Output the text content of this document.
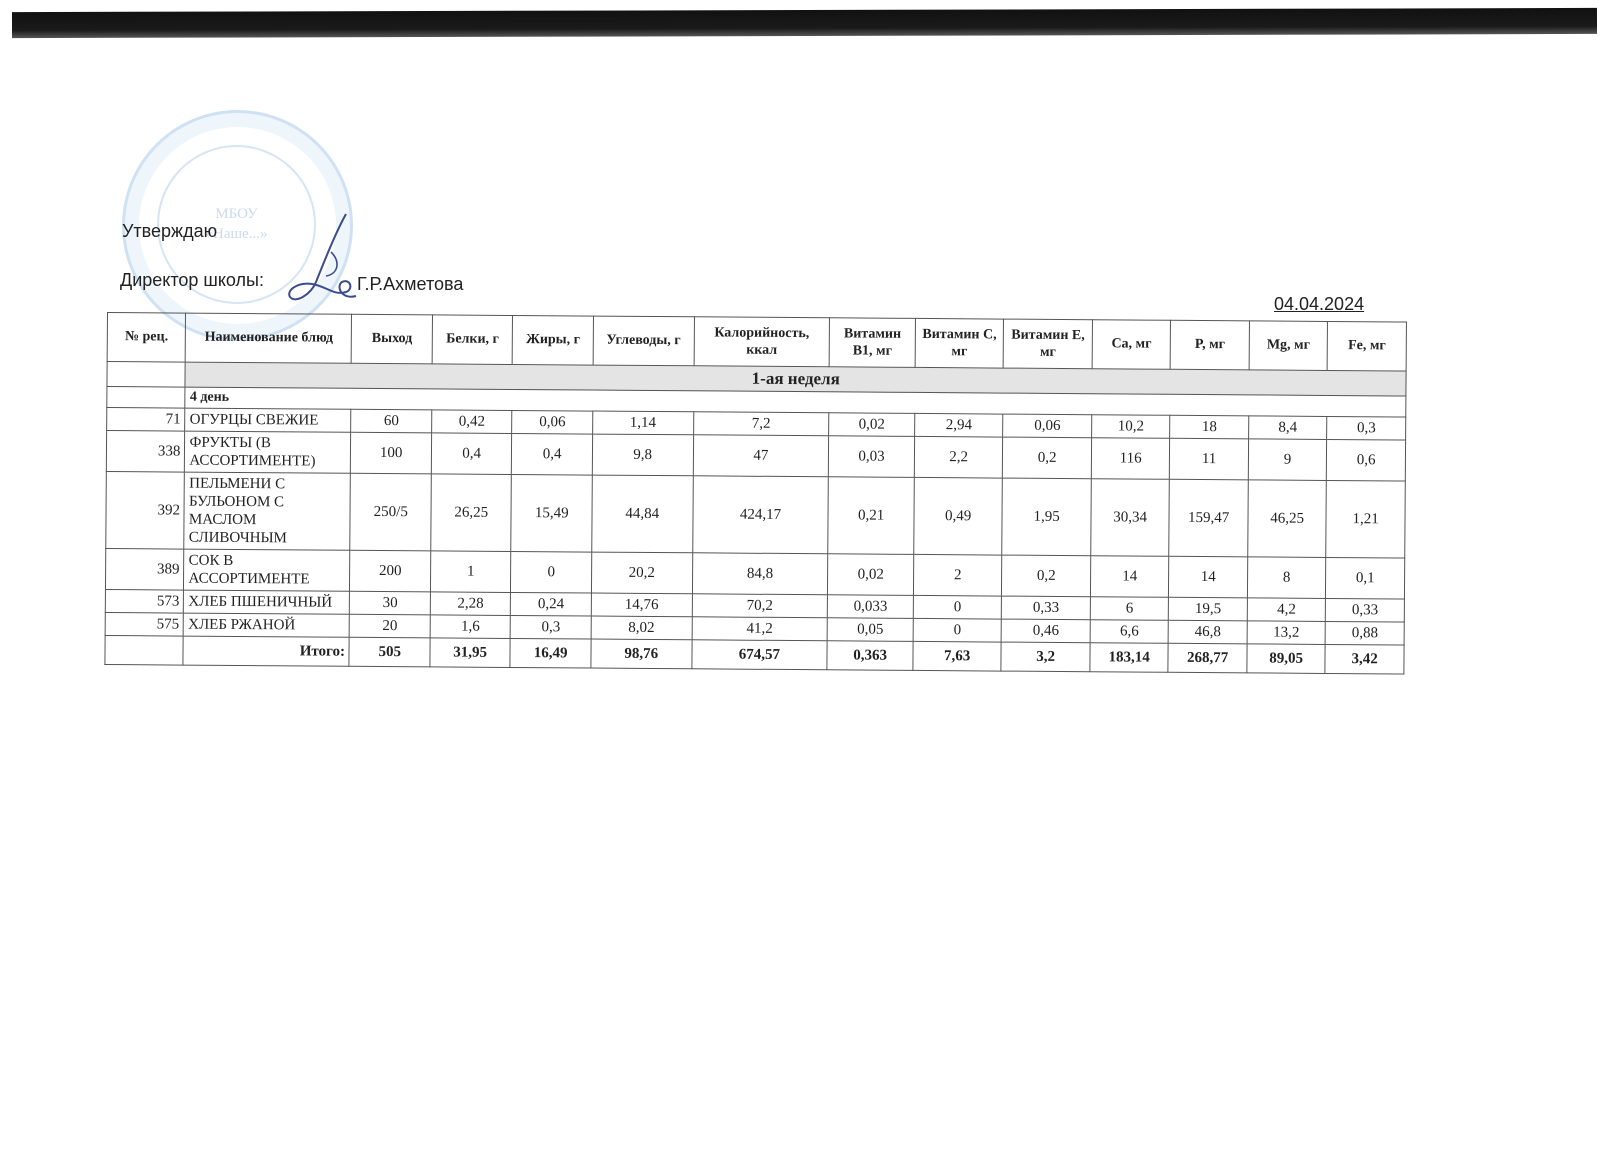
МБОУ
«Наше...»
Утверждаю
Директор школы:	Г.Р.Ахметова
04.04.2024
№ рец.	Наименование блюд	Выход	Белки, г	Жиры, г	Углеводы, г	Калорийность, ккал	Витамин B1, мг	Витамин C, мг	Витамин E, мг	Ca, мг	P, мг	Mg, мг	Fe, мг
	1-ая неделя												
	4 день												
71	ОГУРЦЫ СВЕЖИЕ	60	0,42	0,06	1,14	7,2	0,02	2,94	0,06	10,2	18	8,4	0,3
338	ФРУКТЫ (В АССОРТИМЕНТЕ)	100	0,4	0,4	9,8	47	0,03	2,2	0,2	116	11	9	0,6
392	ПЕЛЬМЕНИ С БУЛЬОНОМ С МАСЛОМ СЛИВОЧНЫМ	250/5	26,25	15,49	44,84	424,17	0,21	0,49	1,95	30,34	159,47	46,25	1,21
389	СОК В АССОРТИМЕНТЕ	200	1	0	20,2	84,8	0,02	2	0,2	14	14	8	0,1
573	ХЛЕБ ПШЕНИЧНЫЙ	30	2,28	0,24	14,76	70,2	0,033	0	0,33	6	19,5	4,2	0,33
575	ХЛЕБ РЖАНОЙ	20	1,6	0,3	8,02	41,2	0,05	0	0,46	6,6	46,8	13,2	0,88
	Итого:	505	31,95	16,49	98,76	674,57	0,363	7,63	3,2	183,14	268,77	89,05	3,42
